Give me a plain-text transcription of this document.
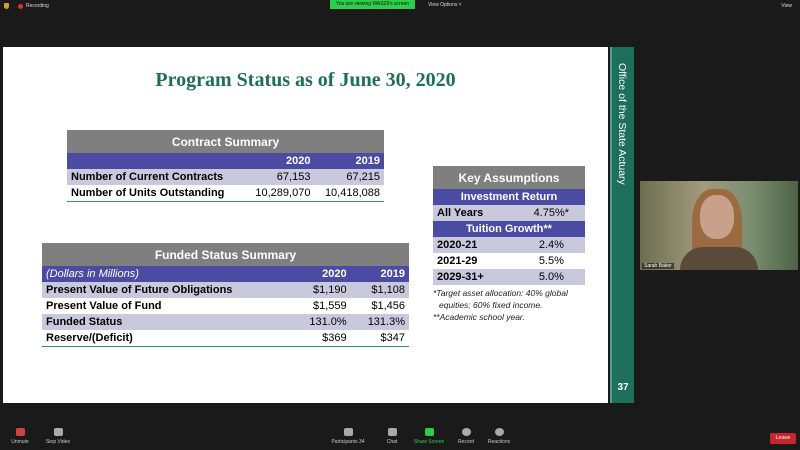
Recording	You are viewing WAS29's screen	View Options ˅	View
Program Status as of June 30, 2020
Contract Summary		
	2020	2019
Number of Current Contracts	67,153	67,215
Number of Units Outstanding	10,289,070	10,418,088
Funded Status Summary		
(Dollars in Millions)	2020	2019
Present Value of Future Obligations	$1,190	$1,108
Present Value of Fund	$1,559	$1,456
Funded Status	131.0%	131.3%
Reserve/(Deficit)	$369	$347
Key Assumptions	
Investment Return	
All Years	4.75%*
Tuition Growth**	
2020-21	2.4%
2021-29	5.5%
2029-31+	5.0%
*Target asset allocation: 40% global
equities; 60% fixed income.
**Academic school year.
Office of the State Actuary
37
Sarah Baker
Unmute	Stop Video	Participants 34	Chat	Share Screen	Record	Reactions
Leave
